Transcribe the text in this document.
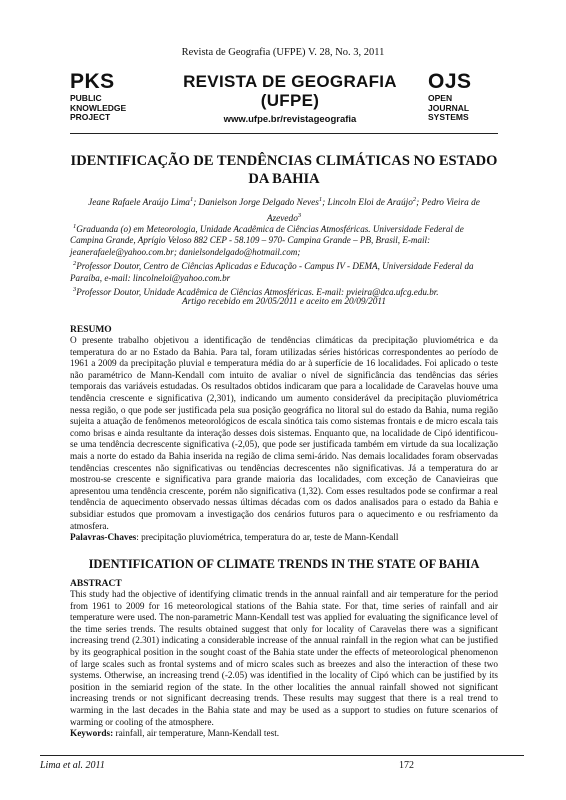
Revista de Geografia (UFPE) V. 28, No. 3, 2011
PKS
PUBLIC
KNOWLEDGE
PROJECT
REVISTA DE GEOGRAFIA
(UFPE)
www.ufpe.br/revistageografia
OJS
OPEN
JOURNAL
SYSTEMS
IDENTIFICAÇÃO DE TENDÊNCIAS CLIMÁTICAS NO ESTADO DA BAHIA
Jeane Rafaele Araújo Lima$^1$; Danielson Jorge Delgado Neves$^1$; Lincoln Eloi de Araújo$^2$; Pedro Vieira de Azevedo$^3$

$^1$Graduanda (o) em Meteorologia, Unidade Acadêmica de Ciências Atmosféricas. Universidade Federal de Campina Grande, Aprígio Veloso 882 CEP - 58.109 – 970- Campina Grande – PB, Brasil, E-mail: jeanerafaele@yahoo.com.br; danielsondelgado@hotmail.com;

$^2$Professor Doutor, Centro de Ciências Aplicadas e Educação - Campus IV - DEMA, Universidade Federal da Paraíba, e-mail: lincolneloi@yahoo.com.br

$^3$Professor Doutor, Unidade Acadêmica de Ciências Atmosféricas. E-mail: pvieira@dca.ufcg.edu.br.

Artigo recebido em 20/05/2011 e aceito em 20/09/2011
RESUMO
O presente trabalho objetivou a identificação de tendências climáticas da precipitação pluviométrica e da temperatura do ar no Estado da Bahia. Para tal, foram utilizadas séries históricas correspondentes ao período de 1961 a 2009 da precipitação pluvial e temperatura média do ar à superfície de 16 localidades. Foi aplicado o teste não paramétrico de Mann-Kendall com intuito de avaliar o nível de significância das tendências das séries temporais das variáveis estudadas. Os resultados obtidos indicaram que para a localidade de Caravelas houve uma tendência crescente e significativa (2,301), indicando um aumento considerável da precipitação pluviométrica nessa região, o que pode ser justificada pela sua posição geográfica no litoral sul do estado da Bahia, numa região sujeita a atuação de fenômenos meteorológicos de escala sinótica tais como sistemas frontais e de micro escala tais como brisas e ainda resultante da interação desses dois sistemas. Enquanto que, na localidade de Cipó identificou-se uma tendência decrescente significativa (-2,05), que pode ser justificada também em virtude da sua localização mais a norte do estado da Bahia inserida na região de clima semi-árido. Nas demais localidades foram observadas tendências crescentes não significativas ou tendências decrescentes não significativas. Já a temperatura do ar mostrou-se crescente e significativa para grande maioria das localidades, com exceção de Canavieiras que apresentou uma tendência crescente, porém não significativa (1,32). Com esses resultados pode se confirmar a real tendência de aquecimento observado nessas últimas décadas com os dados analisados para o estado da Bahia e subsidiar estudos que promovam a investigação dos cenários futuros para o aquecimento e ou resfriamento da atmosfera.
Palavras-Chaves: precipitação pluviométrica, temperatura do ar, teste de Mann-Kendall
IDENTIFICATION OF CLIMATE TRENDS IN THE STATE OF BAHIA
ABSTRACT
Lima et al. 2011	172
This study had the objective of identifying climatic trends in the annual rainfall and air temperature for the period from 1961 to 2009 for 16 meteorological stations of the Bahia state. For that, time series of rainfall and air temperature were used. The non-parametric Mann-Kendall test was applied for evaluating the significance level of the time series trends. The results obtained suggest that only for locality of Caravelas there was a significant increasing trend (2.301) indicating a considerable increase of the annual rainfall in the region what can be justified by its geographical position in the sought coast of the Bahia state under the effects of meteorological phenomenon of large scales such as frontal systems and of micro scales such as breezes and also the interaction of these two systems. Otherwise, an increasing trend (-2.05) was identified in the locality of Cipó which can be justified by its position in the semiarid region of the state. In the other localities the annual rainfall showed not significant increasing trends or not significant decreasing trends. These results may suggest that there is a real trend to warming in the last decades in the Bahia state and may be used as a support to studies on future scenarios of warming or cooling of the atmosphere.
Keywords: rainfall, air temperature, Mann-Kendall test.
